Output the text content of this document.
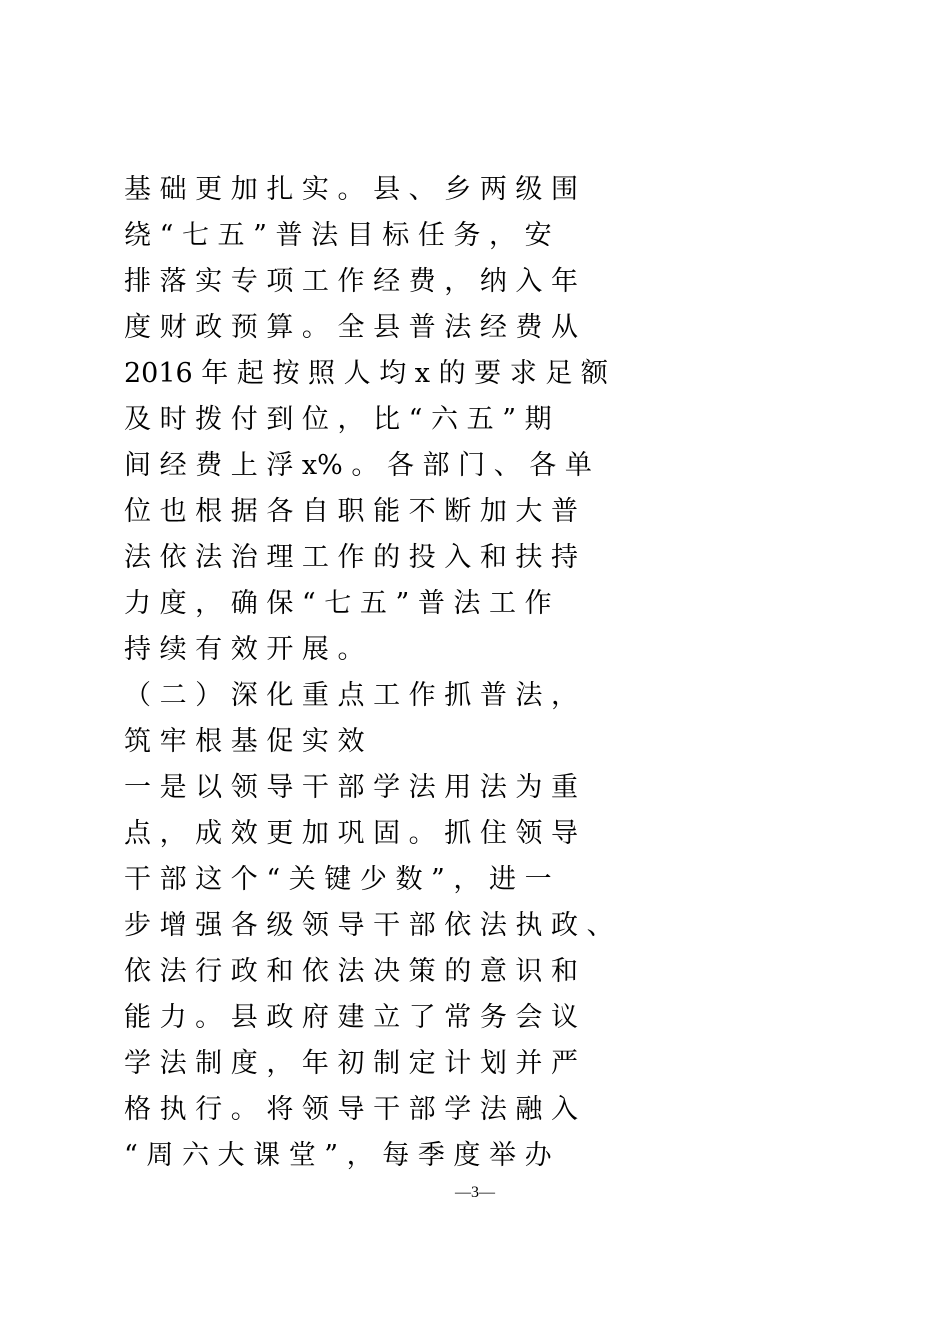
基 础 更 加 扎 实 。 县 、 乡 两 级 围
绕 “ 七 五 ” 普 法 目 标 任 务 ， 安
排 落 实 专 项 工 作 经 费 ， 纳 入 年
度 财 政 预 算 。 全 县 普 法 经 费 从
2016 年 起 按 照 人 均 x 的 要 求 足 额
及 时 拨 付 到 位 ， 比 “ 六 五 ” 期
间 经 费 上 浮 x% 。 各 部 门 、 各 单
位 也 根 据 各 自 职 能 不 断 加 大 普
法 依 法 治 理 工 作 的 投 入 和 扶 持
力 度 ， 确 保 “ 七 五 ” 普 法 工 作
持 续 有 效 开 展 。
（ 二 ） 深 化 重 点 工 作 抓 普 法 ，
筑 牢 根 基 促 实 效
一 是 以 领 导 干 部 学 法 用 法 为 重
点 ， 成 效 更 加 巩 固 。 抓 住 领 导
干 部 这 个 “ 关 键 少 数 ” ， 进 一
步 增 强 各 级 领 导 干 部 依 法 执 政 、
依 法 行 政 和 依 法 决 策 的 意 识 和
能 力 。 县 政 府 建 立 了 常 务 会 议
学 法 制 度 ， 年 初 制 定 计 划 并 严
格 执 行 。 将 领 导 干 部 学 法 融 入
“ 周 六 大 课 堂 ” ， 每 季 度 举 办
—3—
